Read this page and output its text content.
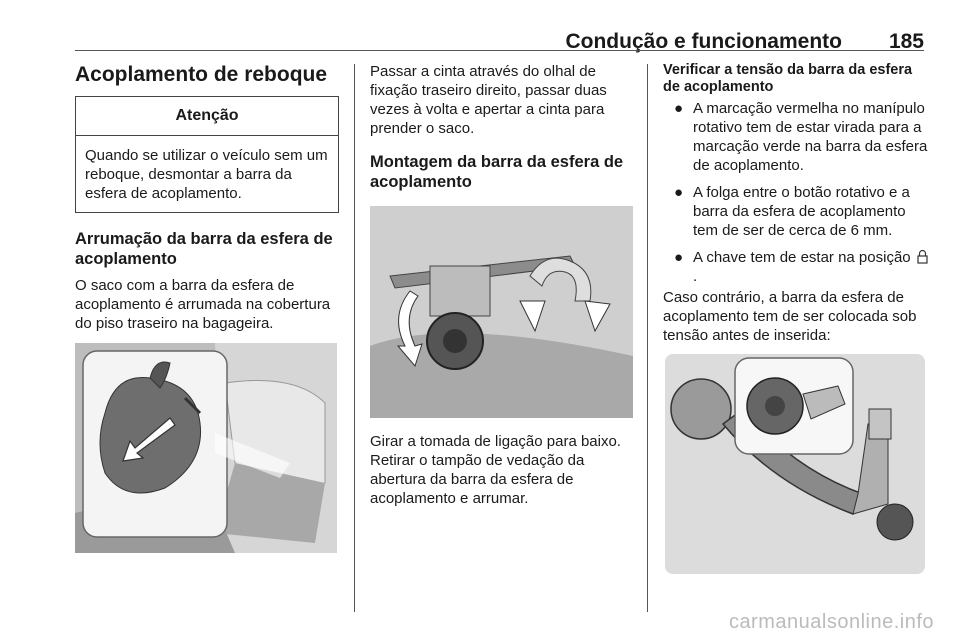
Condução e funcionamento 185
Acoplamento de reboque
Atenção
Quando se utilizar o veículo sem um reboque, desmontar a barra da esfera de acoplamento.
Arrumação da barra da esfera de acoplamento

O saco com a barra da esfera de acoplamento é arrumada na cobertura do piso traseiro na bagageira.

Passar a cinta através do olhal de fixação traseiro direito, passar duas vezes à volta e apertar a cinta para prender o saco.

Montagem da barra da esfera de acoplamento

Girar a tomada de ligação para baixo. Retirar o tampão de vedação da abertura da barra da esfera de acoplamento e arrumar.

Verificar a tensão da barra da esfera de acoplamento
● A marcação vermelha no manípulo rotativo tem de estar virada para a marcação verde na barra da esfera de acoplamento.
● A folga entre o botão rotativo e a barra da esfera de acoplamento tem de ser de cerca de 6 mm.
● A chave tem de estar na posição .

Caso contrário, a barra da esfera de acoplamento tem de ser colocada sob tensão antes de inserida:

carmanualsonline.info
